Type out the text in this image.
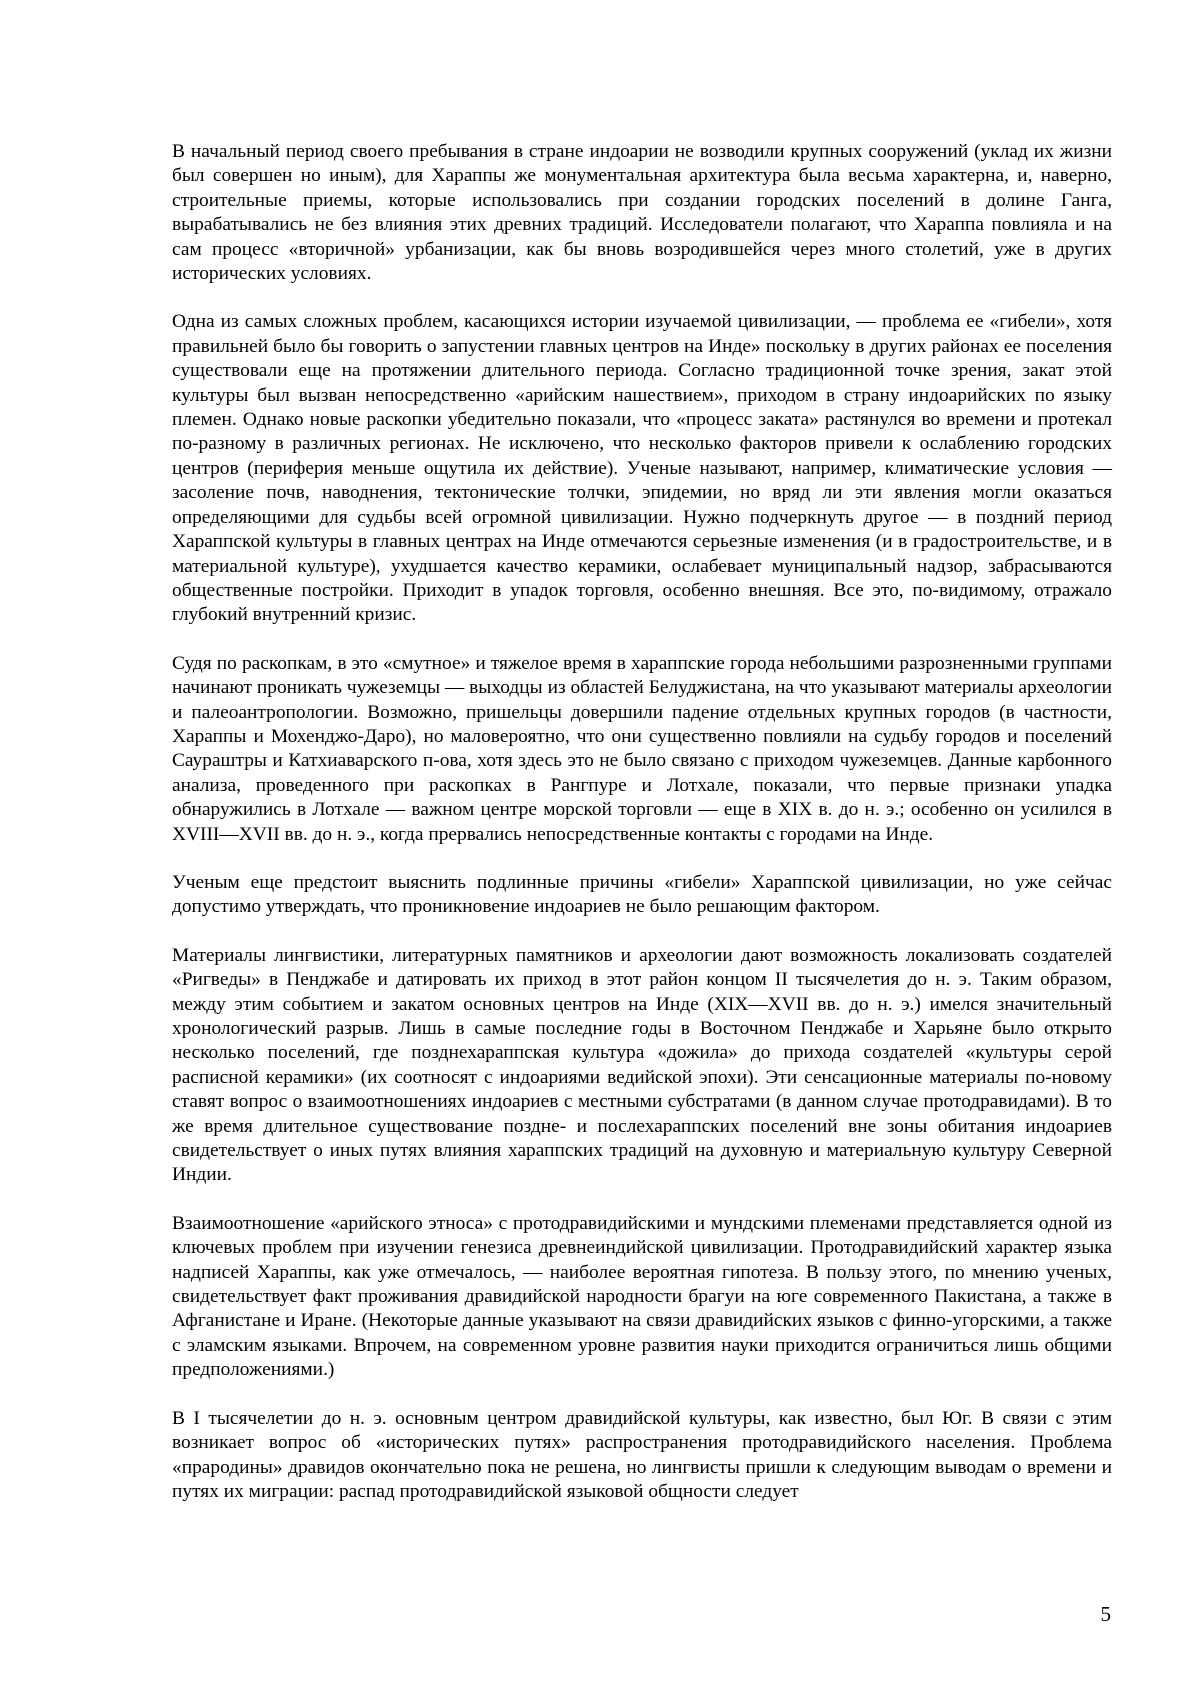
В начальный период своего пребывания в стране индоарии не возводили крупных сооружений (уклад их жизни был совершен но иным), для Хараппы же монументальная архитектура была весьма характерна, и, наверно, строительные приемы, которые использовались при создании городских поселений в долине Ганга, вырабатывались не без влияния этих древних традиций. Исследователи полагают, что Хараппа повлияла и на сам процесс «вторичной» урбанизации, как бы вновь возродившейся через много столетий, уже в других исторических условиях.

Одна из самых сложных проблем, касающихся истории изучаемой цивилизации, — проблема ее «гибели», хотя правильней было бы говорить о запустении главных центров на Инде» поскольку в других районах ее поселения существовали еще на протяжении длительного периода. Согласно традиционной точке зрения, закат этой культуры был вызван непосредственно «арийским нашествием», приходом в страну индоарийских по языку племен. Однако новые раскопки убедительно показали, что «процесс заката» растянулся во времени и протекал по-разному в различных регионах. Не исключено, что несколько факторов привели к ослаблению городских центров (периферия меньше ощутила их действие). Ученые называют, например, климатические условия — засоление почв, наводнения, тектонические толчки, эпидемии, но вряд ли эти явления могли оказаться определяющими для судьбы всей огромной цивилизации. Нужно подчеркнуть другое — в поздний период Хараппской культуры в главных центрах на Инде отмечаются серьезные изменения (и в градостроительстве, и в материальной культуре), ухудшается качество керамики, ослабевает муниципальный надзор, забрасываются общественные постройки. Приходит в упадок торговля, особенно внешняя. Все это, по-видимому, отражало глубокий внутренний кризис.

Судя по раскопкам, в это «смутное» и тяжелое время в хараппские города небольшими разрозненными группами начинают проникать чужеземцы — выходцы из областей Белуджистана, на что указывают материалы археологии и палеоантропологии. Возможно, пришельцы довершили падение отдельных крупных городов (в частности, Хараппы и Мохенджо-Даро), но маловероятно, что они существенно повлияли на судьбу городов и поселений Саураштры и Катхиаварского п-ова, хотя здесь это не было связано с приходом чужеземцев. Данные карбонного анализа, проведенного при раскопках в Рангпуре и Лотхале, показали, что первые признаки упадка обнаружились в Лотхале — важном центре морской торговли — еще в XIX в. до н. э.; особенно он усилился в XVIII—XVII вв. до н. э., когда прервались непосредственные контакты с городами на Инде.

Ученым еще предстоит выяснить подлинные причины «гибели» Хараппской цивилизации, но уже сейчас допустимо утверждать, что проникновение индоариев не было решающим фактором.

Материалы лингвистики, литературных памятников и археологии дают возможность локализовать создателей «Ригведы» в Пенджабе и датировать их приход в этот район концом II тысячелетия до н. э. Таким образом, между этим событием и закатом основных центров на Инде (XIX—XVII вв. до н. э.) имелся значительный хронологический разрыв. Лишь в самые последние годы в Восточном Пенджабе и Харьяне было открыто несколько поселений, где позднехараппская культура «дожила» до прихода создателей «культуры серой расписной керамики» (их соотносят с индоариями ведийской эпохи). Эти сенсационные материалы по-новому ставят вопрос о взаимоотношениях индоариев с местными субстратами (в данном случае протодравидами). В то же время длительное существование поздне- и послехараппских поселений вне зоны обитания индоариев свидетельствует о иных путях влияния хараппских традиций на духовную и материальную культуру Северной Индии.

Взаимоотношение «арийского этноса» с протодравидийскими и мундскими племенами представляется одной из ключевых проблем при изучении генезиса древнеиндийской цивилизации. Протодравидийский характер языка надписей Хараппы, как уже отмечалось, — наиболее вероятная гипотеза. В пользу этого, по мнению ученых, свидетельствует факт проживания дравидийской народности брагуи на юге современного Пакистана, а также в Афганистане и Иране. (Некоторые данные указывают на связи дравидийских языков с финно-угорскими, а также с эламским языками. Впрочем, на современном уровне развития науки приходится ограничиться лишь общими предположениями.)

В I тысячелетии до н. э. основным центром дравидийской культуры, как известно, был Юг. В связи с этим возникает вопрос об «исторических путях» распространения протодравидийского населения. Проблема «прародины» дравидов окончательно пока не решена, но лингвисты пришли к следующим выводам о времени и путях их миграции: распад протодравидийской языковой общности следует

5
